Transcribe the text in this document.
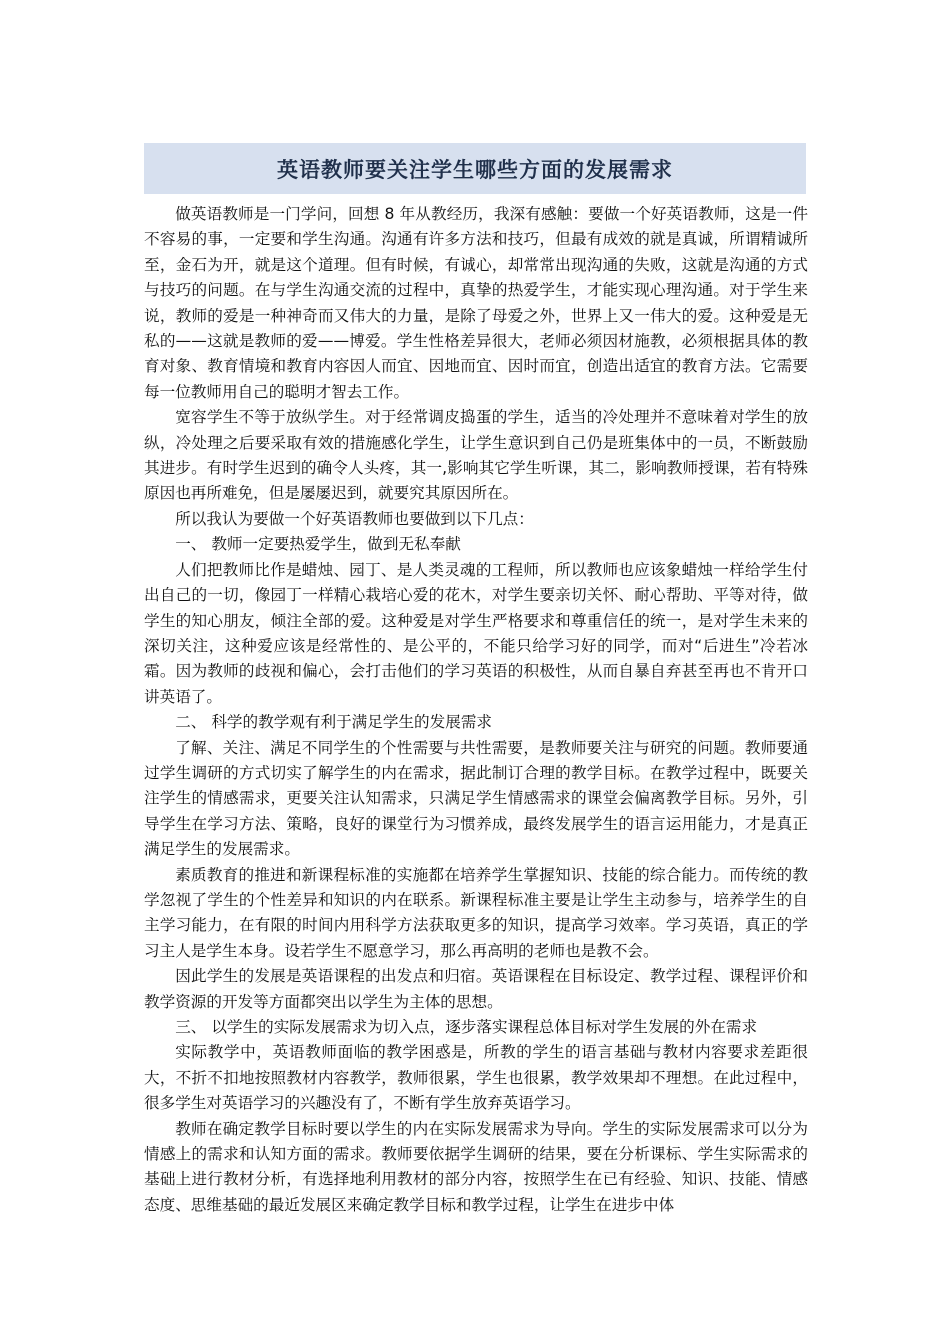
英语教师要关注学生哪些方面的发展需求

做英语教师是一门学问，回想 8 年从教经历，我深有感触：要做一个好英语教师，这是一件不容易的事，一定要和学生沟通。沟通有许多方法和技巧，但最有成效的就是真诚，所谓精诚所至，金石为开，就是这个道理。但有时候，有诚心，却常常出现沟通的失败，这就是沟通的方式与技巧的问题。在与学生沟通交流的过程中，真挚的热爱学生，才能实现心理沟通。对于学生来说，教师的爱是一种神奇而又伟大的力量，是除了母爱之外，世界上又一伟大的爱。这种爱是无私的——这就是教师的爱——博爱。学生性格差异很大，老师必须因材施教，必须根据具体的教育对象、教育情境和教育内容因人而宜、因地而宜、因时而宜，创造出适宜的教育方法。它需要每一位教师用自己的聪明才智去工作。

宽容学生不等于放纵学生。对于经常调皮捣蛋的学生，适当的冷处理并不意味着对学生的放纵，冷处理之后要采取有效的措施感化学生，让学生意识到自己仍是班集体中的一员，不断鼓励其进步。有时学生迟到的确令人头疼，其一,影响其它学生听课，其二，影响教师授课，若有特殊原因也再所难免，但是屡屡迟到，就要究其原因所在。

所以我认为要做一个好英语教师也要做到以下几点：

一、 教师一定要热爱学生，做到无私奉献

人们把教师比作是蜡烛、园丁、是人类灵魂的工程师，所以教师也应该象蜡烛一样给学生付出自己的一切，像园丁一样精心栽培心爱的花木，对学生要亲切关怀、耐心帮助、平等对待，做学生的知心朋友，倾注全部的爱。这种爱是对学生严格要求和尊重信任的统一，是对学生未来的深切关注，这种爱应该是经常性的、是公平的，不能只给学习好的同学，而对“后进生”冷若冰霜。因为教师的歧视和偏心，会打击他们的学习英语的积极性，从而自暴自弃甚至再也不肯开口讲英语了。

二、 科学的教学观有利于满足学生的发展需求

了解、关注、满足不同学生的个性需要与共性需要，是教师要关注与研究的问题。教师要通过学生调研的方式切实了解学生的内在需求，据此制订合理的教学目标。在教学过程中，既要关注学生的情感需求，更要关注认知需求，只满足学生情感需求的课堂会偏离教学目标。另外，引导学生在学习方法、策略，良好的课堂行为习惯养成，最终发展学生的语言运用能力，才是真正满足学生的发展需求。

素质教育的推进和新课程标准的实施都在培养学生掌握知识、技能的综合能力。而传统的教学忽视了学生的个性差异和知识的内在联系。新课程标准主要是让学生主动参与，培养学生的自主学习能力，在有限的时间内用科学方法获取更多的知识，提高学习效率。学习英语，真正的学习主人是学生本身。设若学生不愿意学习，那么再高明的老师也是教不会。

因此学生的发展是英语课程的出发点和归宿。英语课程在目标设定、教学过程、课程评价和教学资源的开发等方面都突出以学生为主体的思想。

三、 以学生的实际发展需求为切入点，逐步落实课程总体目标对学生发展的外在需求

实际教学中，英语教师面临的教学困惑是，所教的学生的语言基础与教材内容要求差距很大，不折不扣地按照教材内容教学，教师很累，学生也很累，教学效果却不理想。在此过程中，很多学生对英语学习的兴趣没有了，不断有学生放弃英语学习。

教师在确定教学目标时要以学生的内在实际发展需求为导向。学生的实际发展需求可以分为情感上的需求和认知方面的需求。教师要依据学生调研的结果，要在分析课标、学生实际需求的基础上进行教材分析，有选择地利用教材的部分内容，按照学生在已有经验、知识、技能、情感态度、思维基础的最近发展区来确定教学目标和教学过程，让学生在进步中体
